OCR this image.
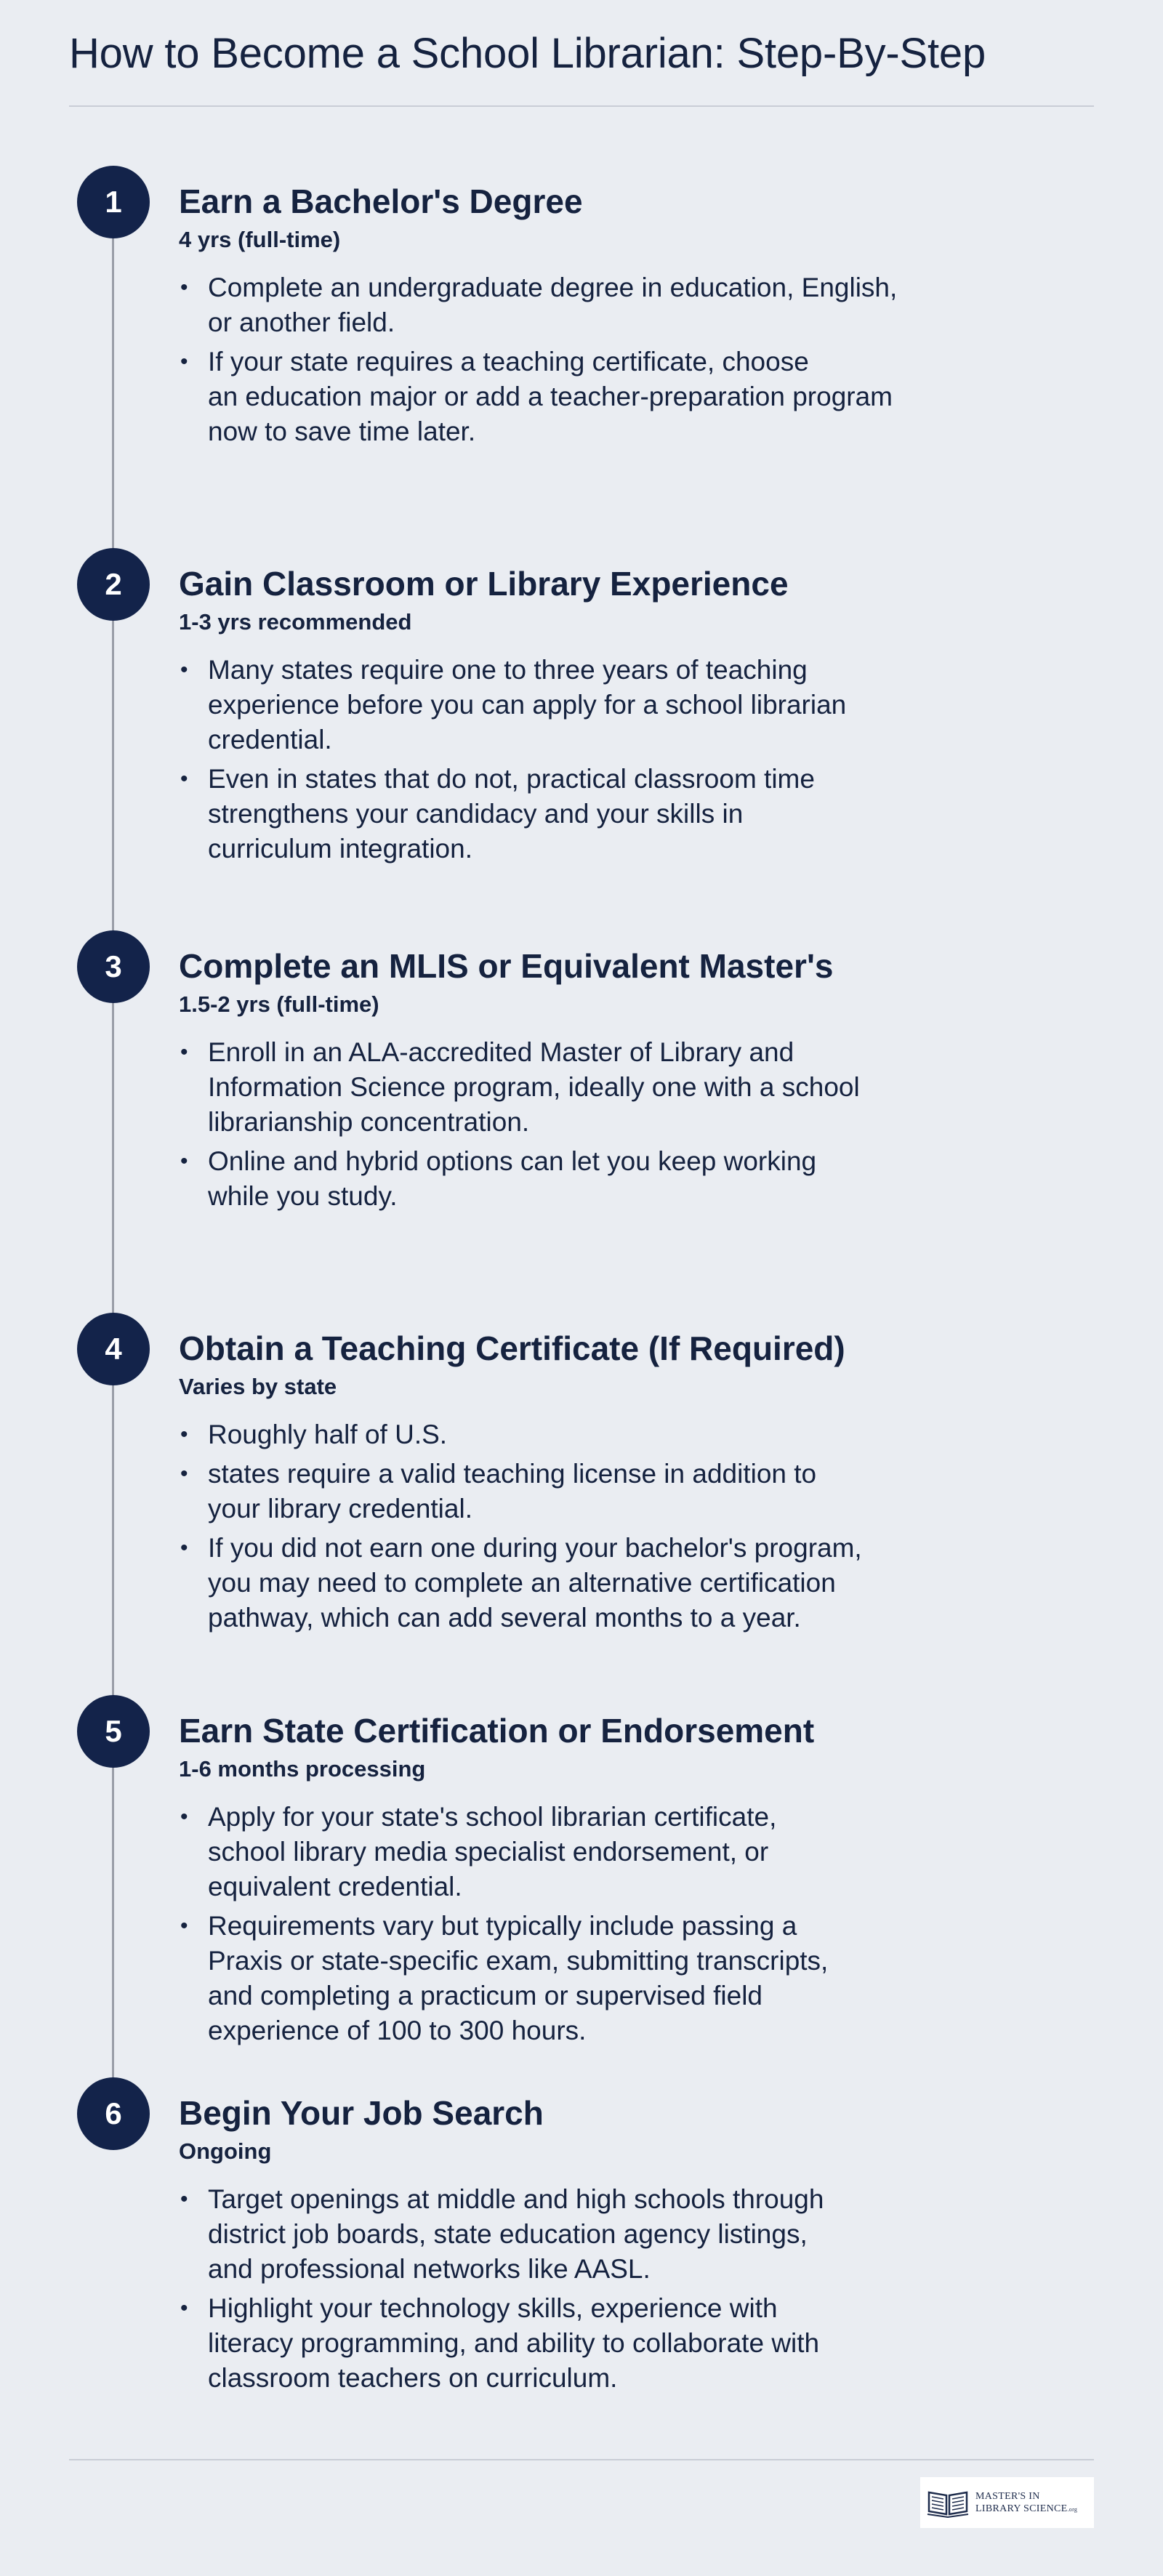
How to Become a School Librarian: Step-By-Step
1	Earn a Bachelor's Degree

4 yrs (full-time)

• Complete an undergraduate degree in education, English,
or another field.
• If your state requires a teaching certificate, choose
an education major or add a teacher-preparation program
now to save time later.
2	Gain Classroom or Library Experience

1-3 yrs recommended

• Many states require one to three years of teaching
experience before you can apply for a school librarian
credential.
• Even in states that do not, practical classroom time
strengthens your candidacy and your skills in
curriculum integration.
3	Complete an MLIS or Equivalent Master's

1.5-2 yrs (full-time)

• Enroll in an ALA-accredited Master of Library and
Information Science program, ideally one with a school
librarianship concentration.
• Online and hybrid options can let you keep working
while you study.
4	Obtain a Teaching Certificate (If Required)

Varies by state

• Roughly half of U.S.
• states require a valid teaching license in addition to
your library credential.
• If you did not earn one during your bachelor's program,
you may need to complete an alternative certification
pathway, which can add several months to a year.
5	Earn State Certification or Endorsement

1-6 months processing

• Apply for your state's school librarian certificate,
school library media specialist endorsement, or
equivalent credential.
• Requirements vary but typically include passing a
Praxis or state-specific exam, submitting transcripts,
and completing a practicum or supervised field
experience of 100 to 300 hours.
6	Begin Your Job Search

Ongoing

• Target openings at middle and high schools through
district job boards, state education agency listings,
and professional networks like AASL.
• Highlight your technology skills, experience with
literacy programming, and ability to collaborate with
classroom teachers on curriculum.
MASTER'S IN
LIBRARY SCIENCE.org
